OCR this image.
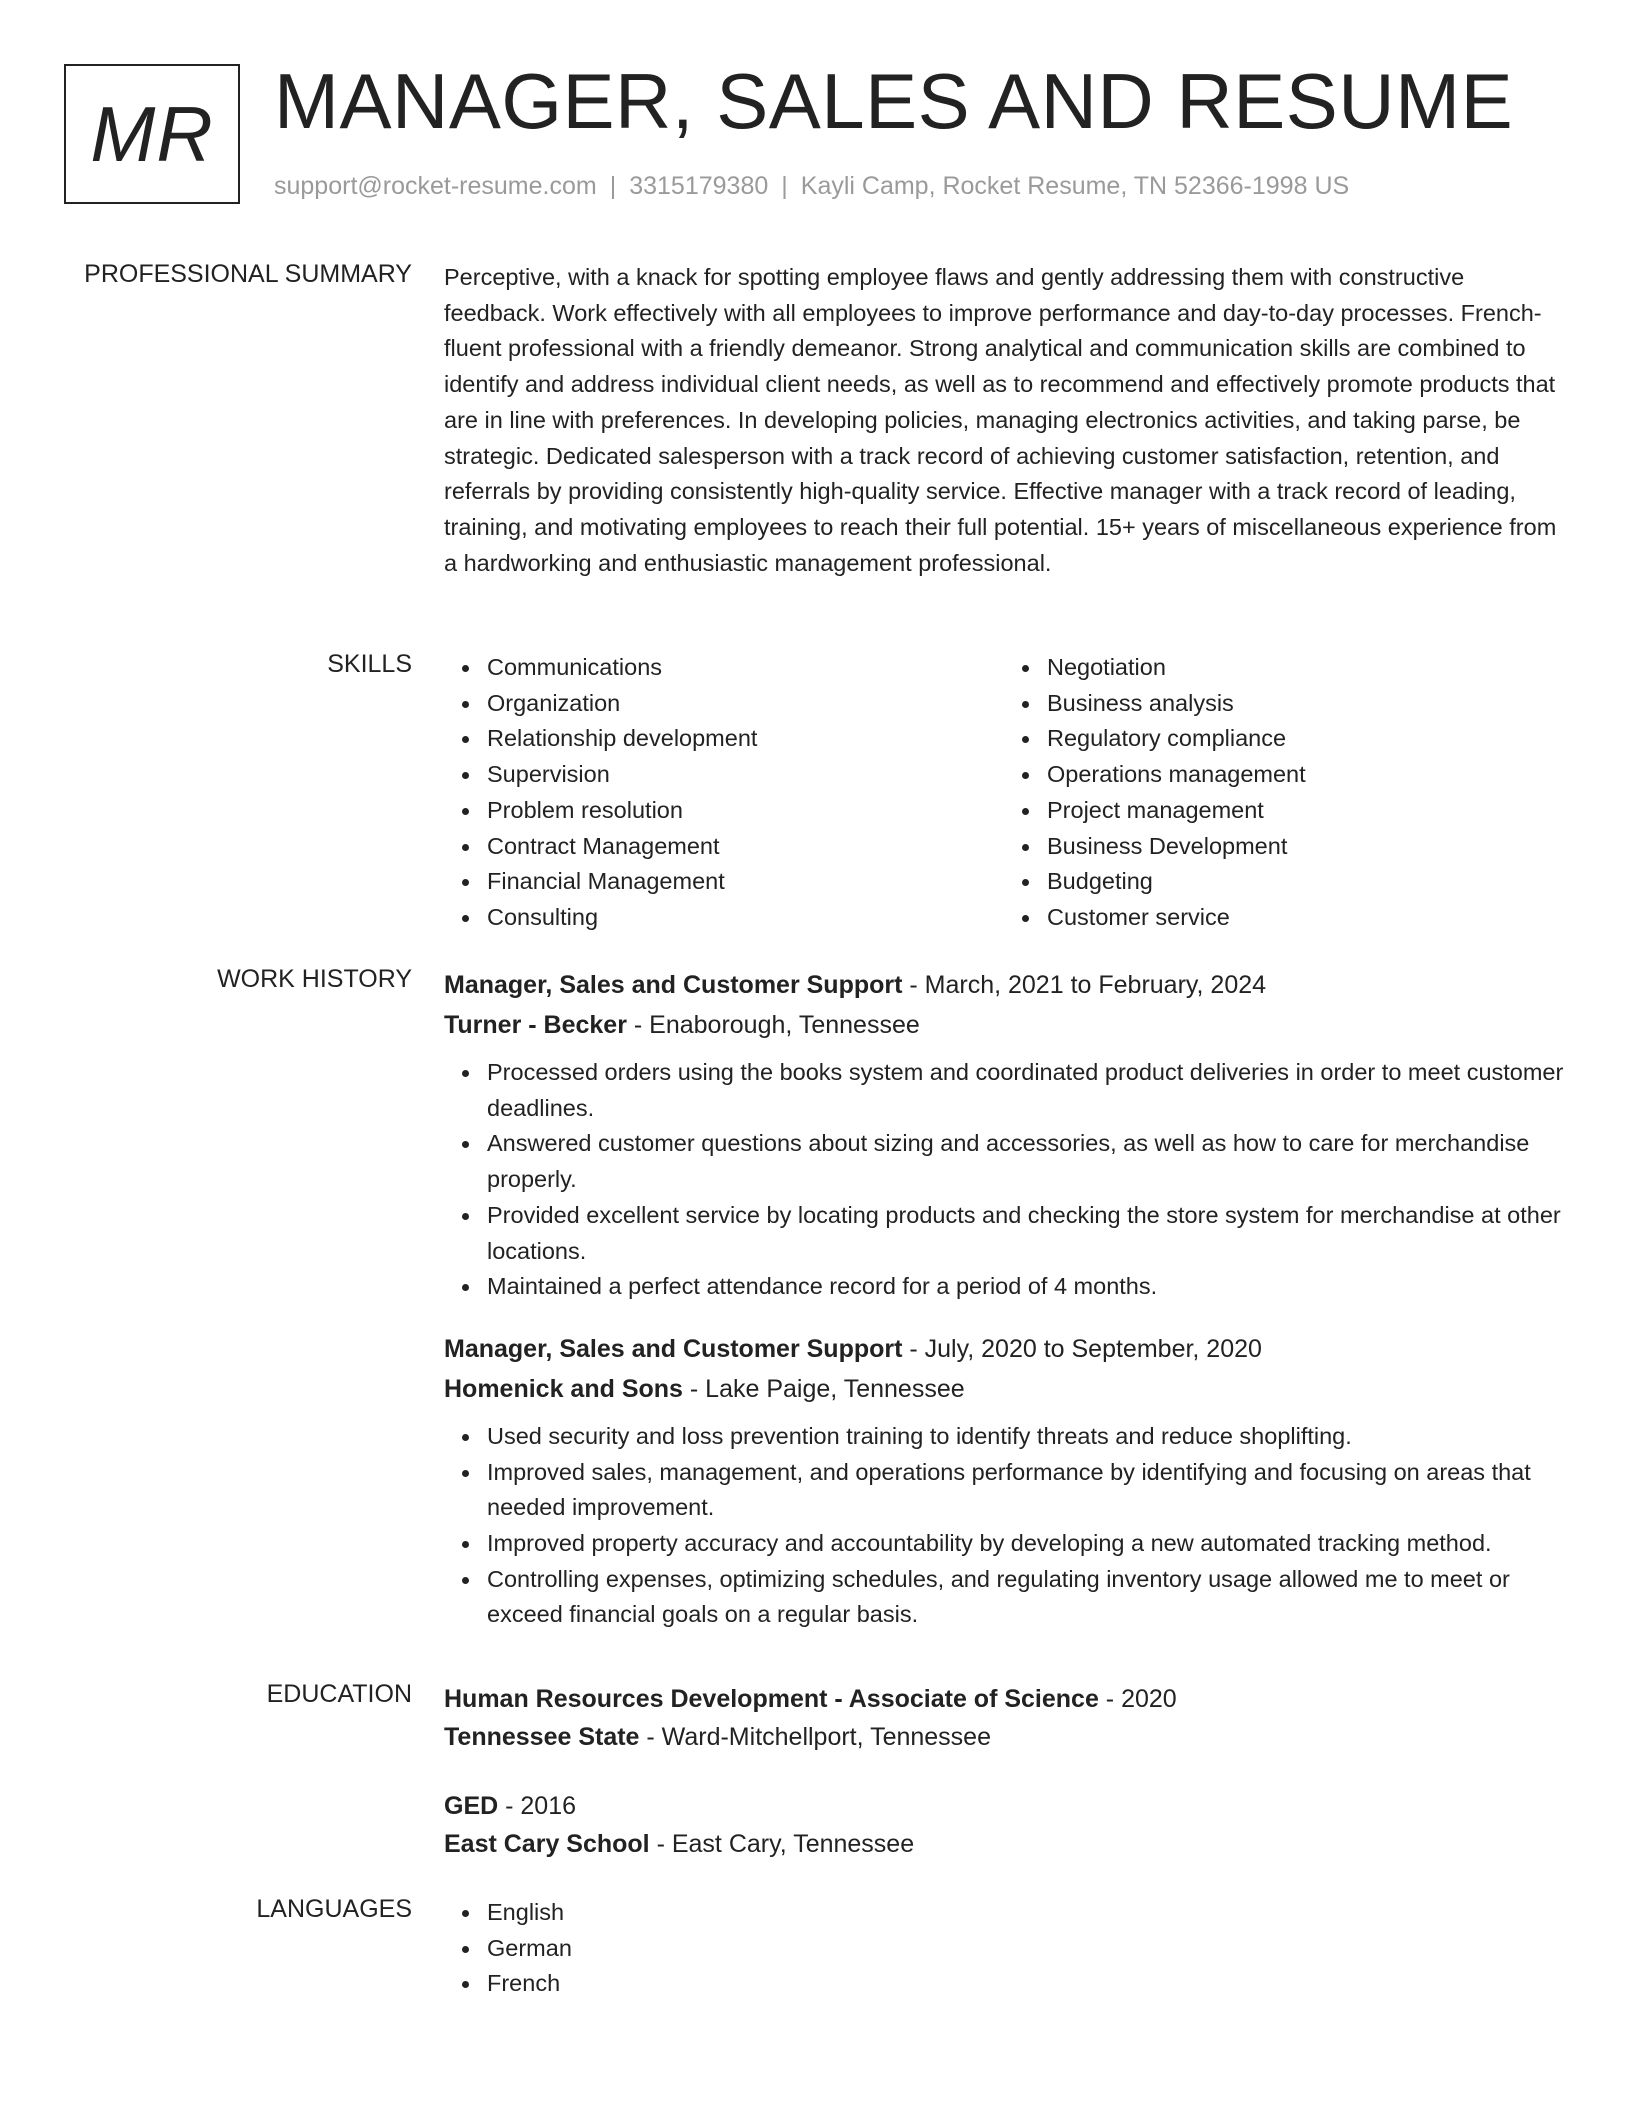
MR MANAGER, SALES AND RESUME
support@rocket-resume.com | 3315179380 | Kayli Camp, Rocket Resume, TN 52366-1998 US
PROFESSIONAL SUMMARY Perceptive, with a knack for spotting employee flaws and gently addressing them with constructive feedback. Work effectively with all employees to improve performance and day-to-day processes. French-fluent professional with a friendly demeanor. Strong analytical and communication skills are combined to identify and address individual client needs, as well as to recommend and effectively promote products that are in line with preferences. In developing policies, managing electronics activities, and taking parse, be strategic. Dedicated salesperson with a track record of achieving customer satisfaction, retention, and referrals by providing consistently high-quality service. Effective manager with a track record of leading, training, and motivating employees to reach their full potential. 15+ years of miscellaneous experience from a hardworking and enthusiastic management professional.

SKILLS	Communications
Organization
Relationship development
Supervision
Problem resolution
Contract Management
Financial Management
Consulting
Negotiation
Business analysis
Regulatory compliance
Operations management
Project management
Business Development
Budgeting
Customer service
WORK HISTORY Manager, Sales and Customer Support - March, 2021 to February, 2024
Turner - Becker - Enaborough, Tennessee
Processed orders using the books system and coordinated product deliveries in order to meet customer deadlines.
Answered customer questions about sizing and accessories, as well as how to care for merchandise properly.
Provided excellent service by locating products and checking the store system for merchandise at other locations.
Maintained a perfect attendance record for a period of 4 months.
Manager, Sales and Customer Support - July, 2020 to September, 2020
Homenick and Sons - Lake Paige, Tennessee
Used security and loss prevention training to identify threats and reduce shoplifting.
Improved sales, management, and operations performance by identifying and focusing on areas that needed improvement.
Improved property accuracy and accountability by developing a new automated tracking method.
Controlling expenses, optimizing schedules, and regulating inventory usage allowed me to meet or exceed financial goals on a regular basis.
EDUCATION Human Resources Development - Associate of Science - 2020
Tennessee State - Ward-Mitchellport, Tennessee
GED - 2016
East Cary School - East Cary, Tennessee
LANGUAGES	English
German
French
